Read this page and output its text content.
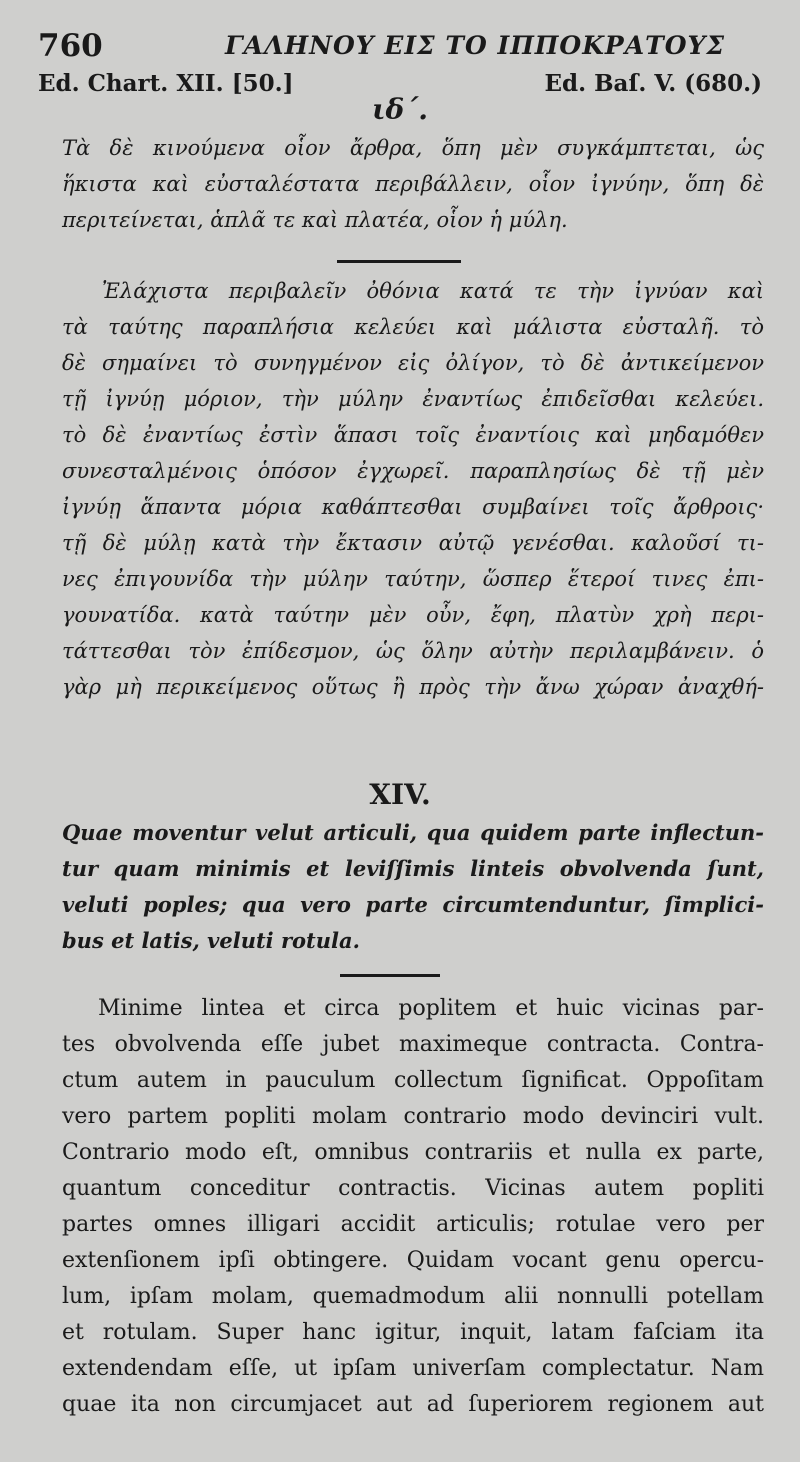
760	ΓΑΛΗΝΟΥ ΕΙΣ ΤΟ ΙΠΠΟΚΡΑΤΟΥΣ
Ed. Chart. XII. [50.]	Ed. Baſ. V. (680.)
ιδ΄.
Τὰ δὲ κινούμενα οἷον ἄρθρα, ὅπη μὲν συγκάμπτεται, ὡς
ἥκιστα καὶ εὐσταλέστατα περιβάλλειν, οἷον ἰγνύην, ὅπη δὲ
περιτείνεται, ἁπλᾶ τε καὶ πλατέα, οἷον ἡ μύλη.
Ἐλάχιστα περιβαλεῖν ὀθόνια κατά τε τὴν ἰγνύαν καὶ
τὰ ταύτης παραπλήσια κελεύει καὶ μάλιστα εὐσταλῆ. τὸ
δὲ σημαίνει τὸ συνηγμένον εἰς ὀλίγον, τὸ δὲ ἀντικείμενον
τῇ ἰγνύῃ μόριον, τὴν μύλην ἐναντίως ἐπιδεῖσθαι κελεύει.
τὸ δὲ ἐναντίως ἐστὶν ἅπασι τοῖς ἐναντίοις καὶ μηδαμόθεν
συνεσταλμένοις ὁπόσον ἐγχωρεῖ. παραπλησίως δὲ τῇ μὲν
ἰγνύῃ ἅπαντα μόρια καθάπτεσθαι συμβαίνει τοῖς ἄρθροις·
τῇ δὲ μύλῃ κατὰ τὴν ἔκτασιν αὐτῷ γενέσθαι. καλοῦσί τι-
νες ἐπιγουνίδα τὴν μύλην ταύτην, ὥσπερ ἕτεροί τινες ἐπι-
γουνατίδα. κατὰ ταύτην μὲν οὖν, ἔφη, πλατὺν χρὴ περι-
τάττεσθαι τὸν ἐπίδεσμον, ὡς ὅλην αὐτὴν περιλαμβάνειν. ὁ
γὰρ μὴ περικείμενος οὕτως ἢ πρὸς τὴν ἄνω χώραν ἀναχθή-
XIV.
Quae moventur velut articuli, qua quidem parte inflectun-
tur quam minimis et leviſſimis linteis obvolvenda ſunt,
veluti poples; qua vero parte circumtenduntur, ſimplici-
bus et latis, veluti rotula.
Minime lintea et circa poplitem et huic vicinas par-
tes obvolvenda eſſe jubet maximeque contracta. Contra-
ctum autem in pauculum collectum ſignificat. Oppoſitam
vero partem popliti molam contrario modo devinciri vult.
Contrario modo eſt, omnibus contrariis et nulla ex parte,
quantum conceditur contractis. Vicinas autem popliti
partes omnes illigari accidit articulis; rotulae vero per
extenſionem ipſi obtingere. Quidam vocant genu opercu-
lum, ipſam molam, quemadmodum alii nonnulli potellam
et rotulam. Super hanc igitur, inquit, latam faſciam ita
extendendam eſſe, ut ipſam univerſam complectatur. Nam
quae ita non circumjacet aut ad ſuperiorem regionem aut
